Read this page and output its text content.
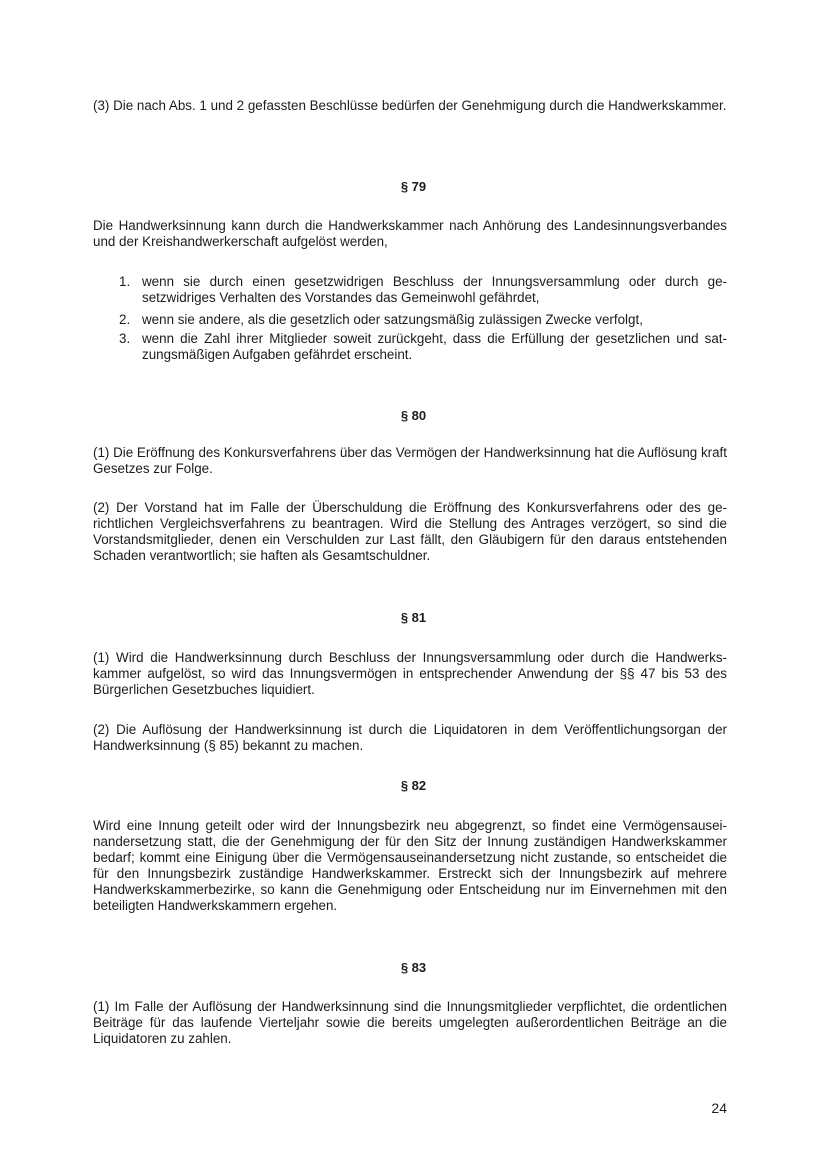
(3) Die nach Abs. 1 und 2 gefassten Beschlüsse bedürfen der Genehmigung durch die Handwerkskammer.

§ 79

Die Handwerksinnung kann durch die Handwerkskammer nach Anhörung des Landesinnungsverbandes und der Kreishandwerkerschaft aufgelöst werden,

1. wenn sie durch einen gesetzwidrigen Beschluss der Innungsversammlung oder durch gesetzwidriges Verhalten des Vorstandes das Gemeinwohl gefährdet,
2. wenn sie andere, als die gesetzlich oder satzungsmäßig zulässigen Zwecke verfolgt,
3. wenn die Zahl ihrer Mitglieder soweit zurückgeht, dass die Erfüllung der gesetzlichen und satzungsmäßigen Aufgaben gefährdet erscheint.
§ 80

(1) Die Eröffnung des Konkursverfahrens über das Vermögen der Handwerksinnung hat die Auflösung kraft Gesetzes zur Folge.

(2) Der Vorstand hat im Falle der Überschuldung die Eröffnung des Konkursverfahrens oder des gerichtlichen Vergleichsverfahrens zu beantragen. Wird die Stellung des Antrages verzögert, so sind die Vorstandsmitglieder, denen ein Verschulden zur Last fällt, den Gläubigern für den daraus entstehenden Schaden verantwortlich; sie haften als Gesamtschuldner.

§ 81

(1) Wird die Handwerksinnung durch Beschluss der Innungsversammlung oder durch die Handwerkskammer aufgelöst, so wird das Innungsvermögen in entsprechender Anwendung der §§ 47 bis 53 des Bürgerlichen Gesetzbuches liquidiert.

(2) Die Auflösung der Handwerksinnung ist durch die Liquidatoren in dem Veröffentlichungsorgan der Handwerksinnung (§ 85) bekannt zu machen.

§ 82

Wird eine Innung geteilt oder wird der Innungsbezirk neu abgegrenzt, so findet eine Vermögensauseinandersetzung statt, die der Genehmigung der für den Sitz der Innung zuständigen Handwerkskammer bedarf; kommt eine Einigung über die Vermögensauseinandersetzung nicht zustande, so entscheidet die für den Innungsbezirk zuständige Handwerkskammer. Erstreckt sich der Innungsbezirk auf mehrere Handwerkskammerbezirke, so kann die Genehmigung oder Entscheidung nur im Einvernehmen mit den beteiligten Handwerkskammern ergehen.

§ 83

(1) Im Falle der Auflösung der Handwerksinnung sind die Innungsmitglieder verpflichtet, die ordentlichen Beiträge für das laufende Vierteljahr sowie die bereits umgelegten außerordentlichen Beiträge an die Liquidatoren zu zahlen.

24
